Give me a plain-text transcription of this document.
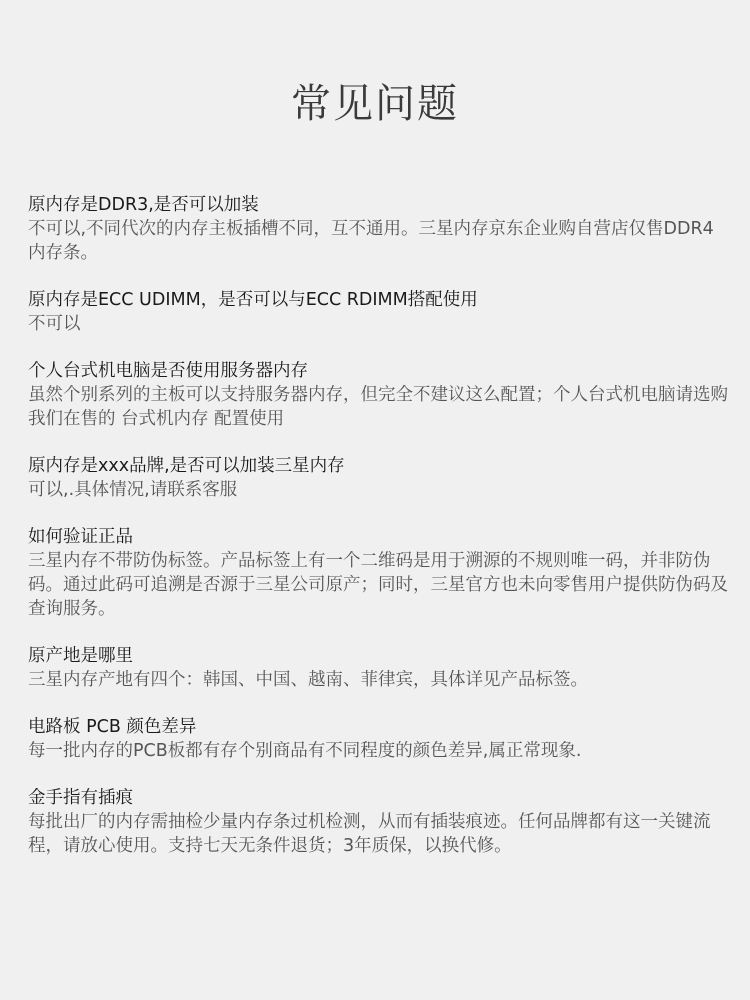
常见问题
原内存是DDR3,是否可以加装
不可以,不同代次的内存主板插槽不同，互不通用。三星内存京东企业购自营店仅售DDR4内存条。
原内存是ECC UDIMM，是否可以与ECC RDIMM搭配使用
不可以
个人台式机电脑是否使用服务器内存
虽然个别系列的主板可以支持服务器内存，但完全不建议这么配置；个人台式机电脑请选购我们在售的 台式机内存 配置使用
原内存是xxx品牌,是否可以加装三星内存
可以,.具体情况,请联系客服
如何验证正品
三星内存不带防伪标签。产品标签上有一个二维码是用于溯源的不规则唯一码，并非防伪码。通过此码可追溯是否源于三星公司原产；同时，三星官方也未向零售用户提供防伪码及查询服务。
原产地是哪里
三星内存产地有四个：韩国、中国、越南、菲律宾，具体详见产品标签。
电路板 PCB 颜色差异
每一批内存的PCB板都有存个别商品有不同程度的颜色差异,属正常现象.
金手指有插痕
每批出厂的内存需抽检少量内存条过机检测，从而有插装痕迹。任何品牌都有这一关键流程，请放心使用。支持七天无条件退货；3年质保，以换代修。
